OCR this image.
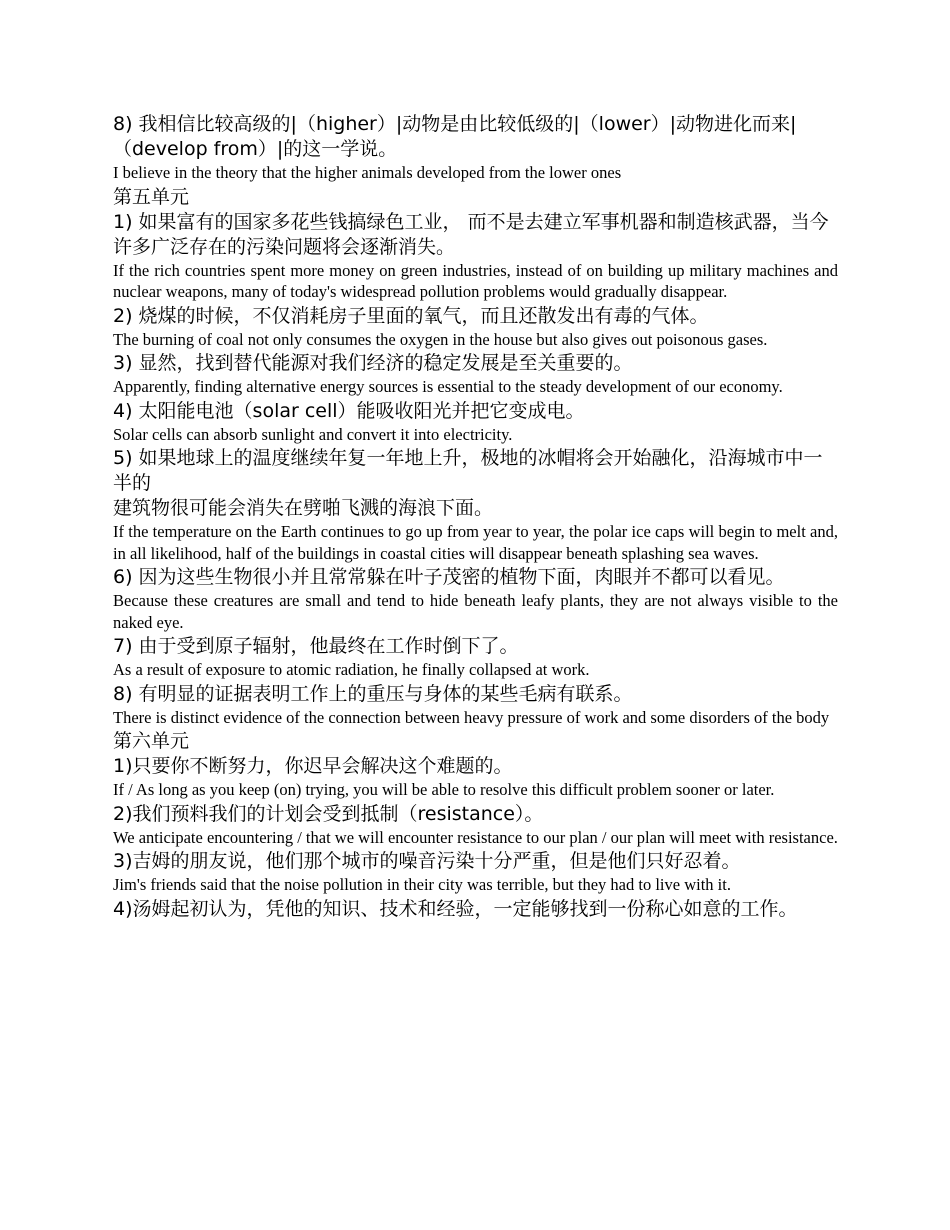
8) 我相信比较高级的|（higher）|动物是由比较低级的|（lower）|动物进化而来|（develop from）|的这一学说。

I believe in the theory that the higher animals developed from the lower ones

第五单元

1) 如果富有的国家多花些钱搞绿色工业， 而不是去建立军事机器和制造核武器，当今许多广泛存在的污染问题将会逐渐消失。

If the rich countries spent more money on green industries, instead of on building up military machines and nuclear weapons, many of today's widespread pollution problems would gradually disappear.

2) 烧煤的时候，不仅消耗房子里面的氧气，而且还散发出有毒的气体。

The burning of coal not only consumes the oxygen in the house but also gives out poisonous gases.

3) 显然，找到替代能源对我们经济的稳定发展是至关重要的。

Apparently, finding alternative energy sources is essential to the steady development of our economy.

4) 太阳能电池（solar cell）能吸收阳光并把它变成电。

Solar cells can absorb sunlight and convert it into electricity.

5) 如果地球上的温度继续年复一年地上升，极地的冰帽将会开始融化，沿海城市中一半的

建筑物很可能会消失在劈啪飞溅的海浪下面。

If the temperature on the Earth continues to go up from year to year, the polar ice caps will begin to melt and, in all likelihood, half of the buildings in coastal cities will disappear beneath splashing sea waves.

6) 因为这些生物很小并且常常躲在叶子茂密的植物下面，肉眼并不都可以看见。

Because these creatures are small and tend to hide beneath leafy plants, they are not always visible to the naked eye.

7) 由于受到原子辐射，他最终在工作时倒下了。

As a result of exposure to atomic radiation, he finally collapsed at work.

8) 有明显的证据表明工作上的重压与身体的某些毛病有联系。

There is distinct evidence of the connection between heavy pressure of work and some disorders of the body

第六单元

1)只要你不断努力，你迟早会解决这个难题的。

If / As long as you keep (on) trying, you will be able to resolve this difficult problem sooner or later.

2)我们预料我们的计划会受到抵制（resistance）。

We anticipate encountering / that we will encounter resistance to our plan / our plan will meet with resistance.

3)吉姆的朋友说，他们那个城市的噪音污染十分严重，但是他们只好忍着。

Jim's friends said that the noise pollution in their city was terrible, but they had to live with it.

4)汤姆起初认为，凭他的知识、技术和经验，一定能够找到一份称心如意的工作。
